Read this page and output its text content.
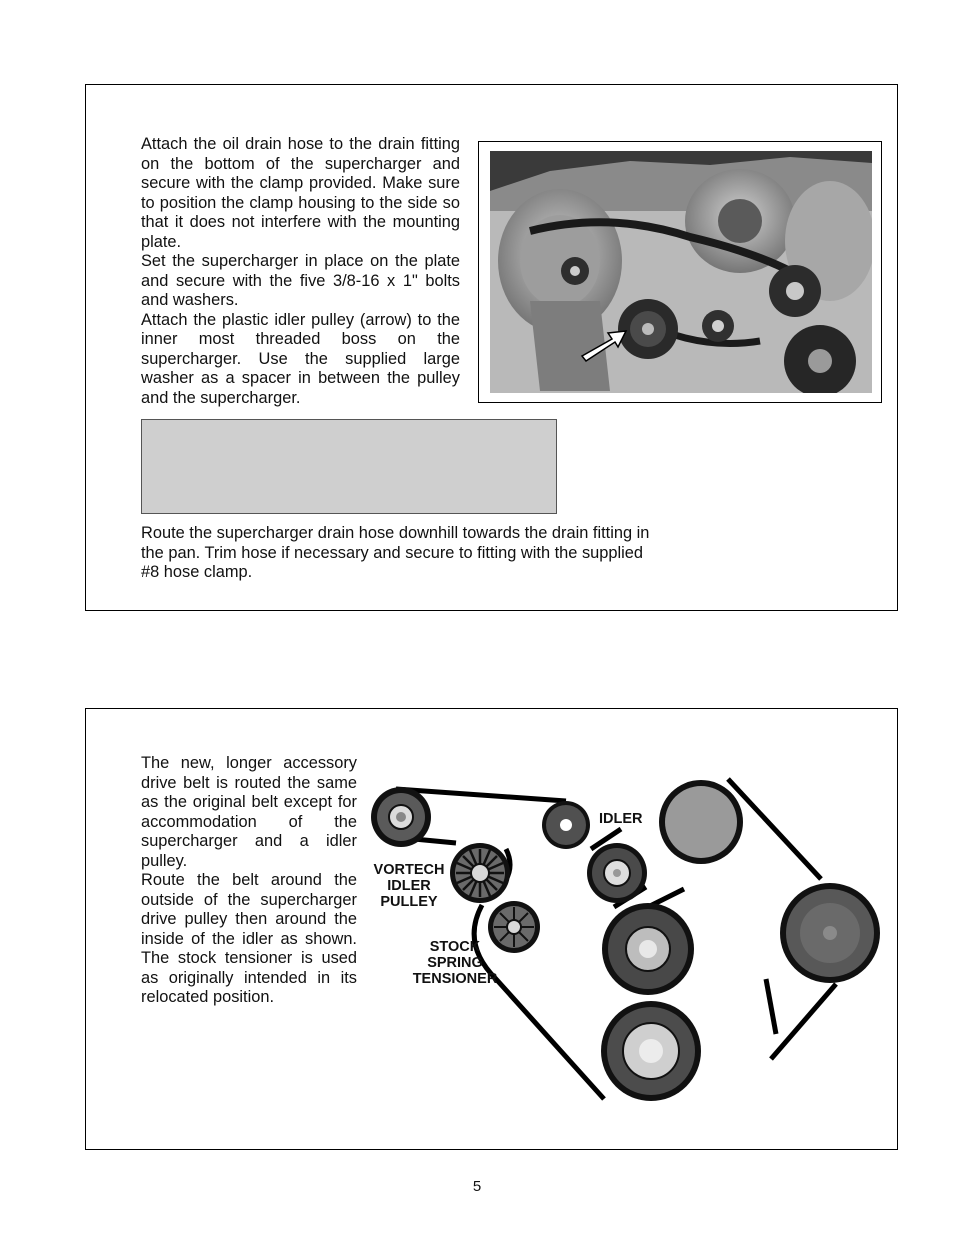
Attach the oil drain hose to the drain fitting on the bottom of the supercharger and secure with the clamp provided. Make sure to position the clamp housing to the side so that it does not interfere with the mounting plate.

Set the supercharger in place on the plate and secure with the five 3/8-16 x 1" bolts and washers.

Attach the plastic idler pulley (arrow) to the inner most threaded boss on the supercharger. Use the supplied large washer as a spacer in between the pulley and the supercharger.

Route the supercharger drain hose downhill towards the drain fitting in the pan. Trim hose if necessary and secure to fitting with the supplied #8 hose clamp.

The new, longer accessory drive belt is routed the same as the original belt except for accommodation of the supercharger and a idler pulley.

Route the belt around the outside of the supercharger drive pulley then around the inside of the idler as shown. The stock tensioner is used as originally intended in its relocated position.

IDLER
VORTECH
IDLER
PULLEY
STOCK
SPRING
TENSIONER
5
